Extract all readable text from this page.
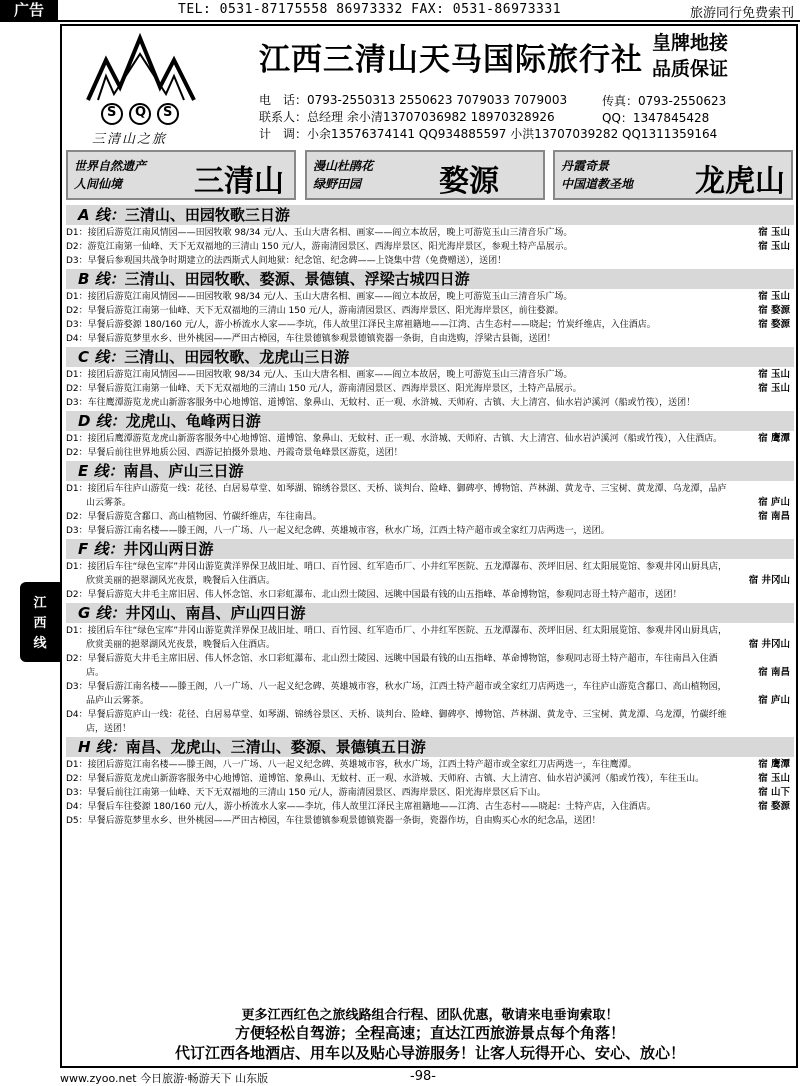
广告	TEL: 0531-87175558 86973332 FAX: 0531-86973331	旅游同行免费索刊
S Q S
三清山之旅
江西三清山天马国际旅行社 皇牌地接
品质保证
电　话：0793-2550313 2550623 7079033 7079003
联系人：总经理 余小清13707036982 18970328926
计　调：小余13576374141 QQ934885597 小洪13707039282 QQ1311359164
传真：0793-2550623
QQ：1347845428
世界自然遗产
人间仙境	三清山 漫山杜鹃花
绿野田园	婺源	丹霞奇景
中国道教圣地 龙虎山
A 线：三清山、田园牧歌三日游
D1：接团后游览江南风情园——田园牧歌 98/34 元/人、玉山大唐名相、画家——阎立本故居，晚上可游览玉山三清音乐广场。	宿 玉山
D2：游览江南第一仙峰、天下无双福地的三清山 150 元/人，游南清园景区、西海岸景区、阳光海岸景区，参观土特产品展示。	宿 玉山
D3：早餐后参观国共战争时期建立的法西斯式人间地狱：纪念馆、纪念碑——上饶集中营（免费赠送），送团！
B 线：三清山、田园牧歌、婺源、景德镇、浮梁古城四日游
D1：接团后游览江南风情园——田园牧歌 98/34 元/人、玉山大唐名相、画家——阎立本故居，晚上可游览玉山三清音乐广场。	宿 玉山
D2：早餐后游览江南第一仙峰、天下无双福地的三清山 150 元/人，游南清园景区、西海岸景区、阳光海岸景区，前往婺源。	宿 婺源
D3：早餐后游婺源 180/160 元/人，游小桥流水人家——李坑，伟人故里江泽民主席祖籍地——江湾、古生态村——晓起；竹炭纤维店，入住酒店。	宿 婺源
D4：早餐后游览梦里水乡、世外桃园——严田古樟园，车往景德镇参观景德镇瓷器一条街，自由选购，浮梁古县衙，送团！
C 线：三清山、田园牧歌、龙虎山三日游
D1：接团后游览江南风情园——田园牧歌 98/34 元/人、玉山大唐名相、画家——阎立本故居，晚上可游览玉山三清音乐广场。	宿 玉山
D2：早餐后游览江南第一仙峰、天下无双福地的三清山 150 元/人，游南清园景区、西海岸景区、阳光海岸景区，土特产品展示。	宿 玉山
D3：车往鹰潭游览龙虎山新游客服务中心地博馆、道博馆、象鼻山、无蚊村、正一观、水浒城、天师府、古镇、大上清宫、仙水岩泸溪河（船或竹筏），送团！
D 线：龙虎山、龟峰两日游
D1：接团后鹰潭游览龙虎山新游客服务中心地博馆、道博馆、象鼻山、无蚊村、正一观、水浒城、天师府、古镇、大上清宫、仙水岩泸溪河（船或竹筏），入住酒店。	宿 鹰潭
D2：早餐后前往世界地质公园、西游记拍摄外景地、丹霞奇景龟峰景区游览，送团！
E 线：南昌、庐山三日游
D1：接团后车往庐山游览一线：花径、白居易草堂、如琴湖、锦绣谷景区、天桥、谈判台、险峰、御碑亭、博物馆、芦林湖、黄龙寺、三宝树、黄龙潭、乌龙潭，品庐山云雾茶。	宿 庐山
D2：早餐后游览含鄱口、高山植物园、竹碳纤维店，车往南昌。	宿 南昌
D3：早餐后游江南名楼——滕王阁，八一广场、八一起义纪念碑、英雄城市容，秋水广场，江西土特产超市或全家红刀店两选一，送团。
F 线：井冈山两日游
D1：接团后车往“绿色宝库”井冈山游览黄洋界保卫战旧址、哨口、百竹园、红军造币厂、小井红军医院、五龙潭瀑布、茨坪旧居、红太阳展览馆、参观井冈山厨具店，欣赏美丽的挹翠湖风光夜景，晚餐后入住酒店。	宿 井冈山
D2：早餐后游览大井毛主席旧居、伟人怀念馆、水口彩虹瀑布、北山烈士陵园、远眺中国最有钱的山五指峰、革命博物馆，参观同志哥土特产超市，送团！
G 线：井冈山、南昌、庐山四日游
D1：接团后车往“绿色宝库”井冈山游览黄洋界保卫战旧址、哨口、百竹园、红军造币厂、小井红军医院、五龙潭瀑布、茨坪旧居、红太阳展览馆、参观井冈山厨具店，欣赏美丽的挹翠湖风光夜景，晚餐后入住酒店。	宿 井冈山
D2：早餐后游览大井毛主席旧居、伟人怀念馆、水口彩虹瀑布、北山烈士陵园、远眺中国最有钱的山五指峰、革命博物馆，参观同志哥土特产超市，车往南昌入住酒店。	宿 南昌
D3：早餐后游江南名楼——滕王阁，八一广场、八一起义纪念碑、英雄城市容，秋水广场，江西土特产超市或全家红刀店两选一，车往庐山游览含鄱口、高山植物园，品庐山云雾茶。	宿 庐山
D4：早餐后游览庐山一线：花径、白居易草堂、如琴湖、锦绣谷景区、天桥、谈判台、险峰、御碑亭、博物馆、芦林湖、黄龙寺、三宝树、黄龙潭、乌龙潭，竹碳纤维店，送团！
H 线：南昌、龙虎山、三清山、婺源、景德镇五日游
D1：接团后游览江南名楼——滕王阁，八一广场、八一起义纪念碑、英雄城市容，秋水广场，江西土特产超市或全家红刀店两选一，车往鹰潭。	宿 鹰潭
D2：早餐后游览龙虎山新游客服务中心地博馆、道博馆、象鼻山、无蚊村、正一观、水浒城、天师府、古镇、大上清宫、仙水岩泸溪河（船或竹筏），车往玉山。	宿 玉山
D3：早餐后前往江南第一仙峰、天下无双福地的三清山 150 元/人，游南清园景区、西海岸景区、阳光海岸景区后下山。	宿 山下
D4：早餐后车往婺源 180/160 元/人，游小桥流水人家——李坑，伟人故里江泽民主席祖籍地——江湾、古生态村——晓起：土特产店，入住酒店。	宿 婺源
D5：早餐后游览梦里水乡、世外桃园——严田古樟园，车往景德镇参观景德镇瓷器一条街，瓷器作坊，自由购买心水的纪念品，送团！
更多江西红色之旅线路组合行程、团队优惠，敬请来电垂询索取！
方便轻松自驾游；全程高速；直达江西旅游景点每个角落！
代订江西各地酒店、用车以及贴心导游服务！让客人玩得开心、安心、放心！
江
西
线
www.zyoo.net 今日旅游·畅游天下 山东版	-98-
